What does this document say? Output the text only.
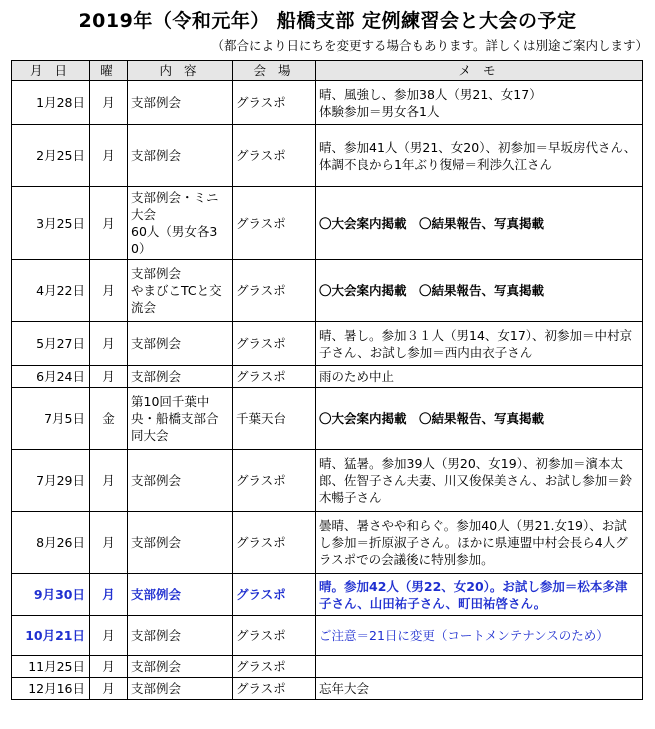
2019年（令和元年） 船橋支部 定例練習会と大会の予定
（都合により日にちを変更する場合もあります。詳しくは別途ご案内します）
月 日	曜	内 容	会 場	メ モ
1月28日	月	支部例会	グラスポ	晴、風強し、参加38人（男21、女17）
体験参加＝男女各1人
2月25日	月	支部例会	グラスポ	晴、参加41人（男21、女20）、初参加＝早坂房代さん、体調不良から1年ぶり復帰＝利渉久江さん
3月25日	月	支部例会・ミニ大会
60人（男女各30）	グラスポ	〇大会案内掲載　〇結果報告、写真掲載
4月22日	月	支部例会
やまびこTCと交流会	グラスポ	〇大会案内掲載　〇結果報告、写真掲載
5月27日	月	支部例会	グラスポ	晴、暑し。参加３１人（男14、女17）、初参加＝中村京子さん、お試し参加＝西内由衣子さん
6月24日	月	支部例会	グラスポ	雨のため中止
7月5日	金	第10回千葉中央・船橋支部合同大会	千葉天台	〇大会案内掲載　〇結果報告、写真掲載
7月29日	月	支部例会	グラスポ	晴、猛暑。参加39人（男20、女19）、初参加＝濱本太郎、佐智子さん夫妻、川又俊保美さん、お試し参加＝鈴木暢子さん
8月26日	月	支部例会	グラスポ	曇晴、暑さやや和らぐ。参加40人（男21.女19）、お試し参加＝折原淑子さん。ほかに県連盟中村会長ら4人グラスポでの会議後に特別参加。
9月30日	月	支部例会	グラスポ	晴。参加42人（男22、女20）。お試し参加＝松本多津子さん、山田祐子さん、町田祐啓さん。
10月21日	月	支部例会	グラスポ	ご注意＝21日に変更（コートメンテナンスのため）
11月25日	月	支部例会	グラスポ	
12月16日	月	支部例会	グラスポ	忘年大会
